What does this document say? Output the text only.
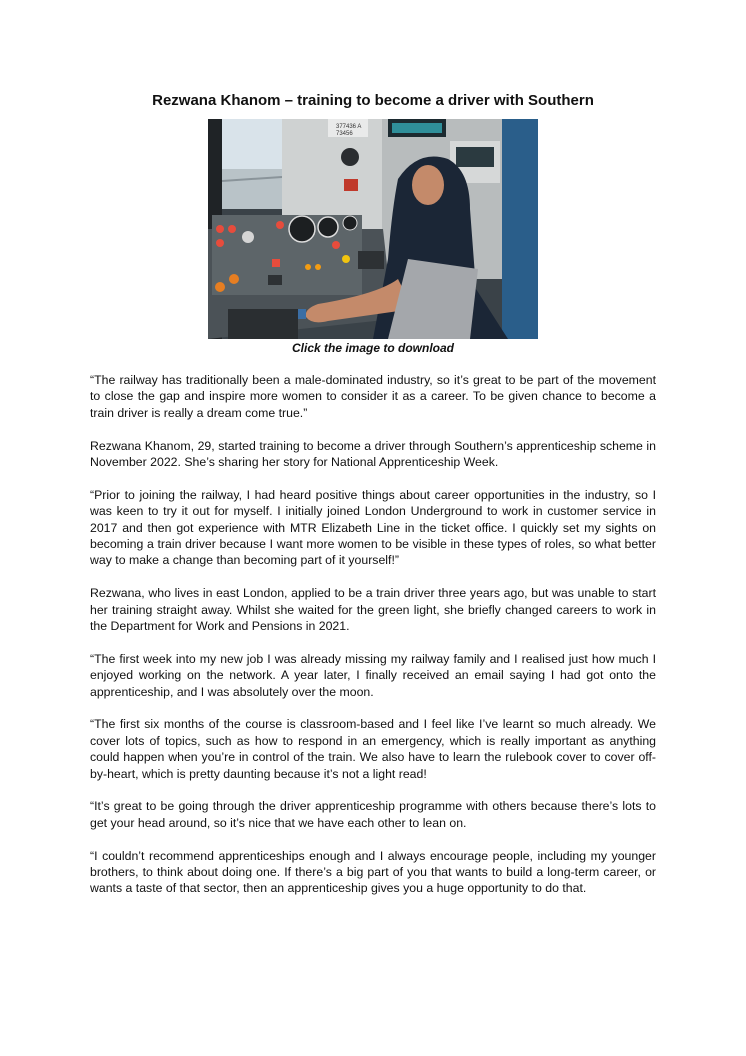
Rezwana Khanom – training to become a driver with Southern
377436 A
73456
Click the image to download

“The railway has traditionally been a male-dominated industry, so it’s great to be part of the movement to close the gap and inspire more women to consider it as a career. To be given chance to become a train driver is really a dream come true.”

Rezwana Khanom, 29, started training to become a driver through Southern’s apprenticeship scheme in November 2022. She’s sharing her story for National Apprenticeship Week.

“Prior to joining the railway, I had heard positive things about career opportunities in the industry, so I was keen to try it out for myself. I initially joined London Underground to work in customer service in 2017 and then got experience with MTR Elizabeth Line in the ticket office. I quickly set my sights on becoming a train driver because I want more women to be visible in these types of roles, so what better way to make a change than becoming part of it yourself!”

Rezwana, who lives in east London, applied to be a train driver three years ago, but was unable to start her training straight away. Whilst she waited for the green light, she briefly changed careers to work in the Department for Work and Pensions in 2021.

“The first week into my new job I was already missing my railway family and I realised just how much I enjoyed working on the network. A year later, I finally received an email saying I had got onto the apprenticeship, and I was absolutely over the moon.

“The first six months of the course is classroom-based and I feel like I’ve learnt so much already. We cover lots of topics, such as how to respond in an emergency, which is really important as anything could happen when you’re in control of the train. We also have to learn the rulebook cover to cover off-by-heart, which is pretty daunting because it’s not a light read!

“It’s great to be going through the driver apprenticeship programme with others because there’s lots to get your head around, so it’s nice that we have each other to lean on.

“I couldn’t recommend apprenticeships enough and I always encourage people, including my younger brothers, to think about doing one. If there’s a big part of you that wants to build a long-term career, or wants a taste of that sector, then an apprenticeship gives you a huge opportunity to do that.
